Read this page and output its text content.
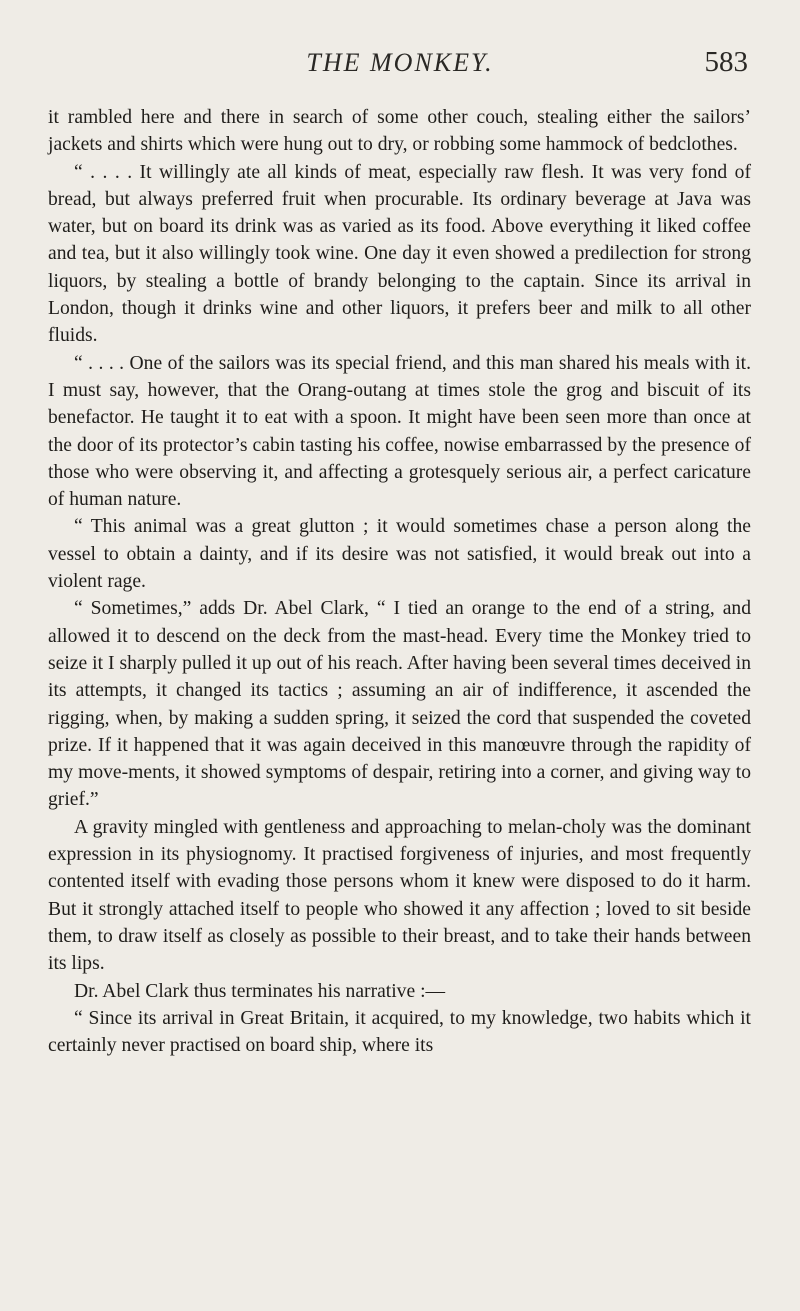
THE MONKEY.	583

it rambled here and there in search of some other couch, stealing either the sailors’ jackets and shirts which were hung out to dry, or robbing some hammock of bedclothes.

“ . . . . It willingly ate all kinds of meat, especially raw flesh. It was very fond of bread, but always preferred fruit when procurable. Its ordinary beverage at Java was water, but on board its drink was as varied as its food. Above everything it liked coffee and tea, but it also willingly took wine. One day it even showed a predilection for strong liquors, by stealing a bottle of brandy belonging to the captain. Since its arrival in London, though it drinks wine and other liquors, it prefers beer and milk to all other fluids.

“ . . . . One of the sailors was its special friend, and this man shared his meals with it. I must say, however, that the Orang-outang at times stole the grog and biscuit of its benefactor. He taught it to eat with a spoon. It might have been seen more than once at the door of its protector’s cabin tasting his coffee, nowise embarrassed by the presence of those who were observing it, and affecting a grotesquely serious air, a perfect caricature of human nature.

“ This animal was a great glutton ; it would sometimes chase a person along the vessel to obtain a dainty, and if its desire was not satisfied, it would break out into a violent rage.

“ Sometimes,” adds Dr. Abel Clark, “ I tied an orange to the end of a string, and allowed it to descend on the deck from the mast-head. Every time the Monkey tried to seize it I sharply pulled it up out of his reach. After having been several times deceived in its attempts, it changed its tactics ; assuming an air of indifference, it ascended the rigging, when, by making a sudden spring, it seized the cord that suspended the coveted prize. If it happened that it was again deceived in this manœuvre through the rapidity of my move-ments, it showed symptoms of despair, retiring into a corner, and giving way to grief.”

A gravity mingled with gentleness and approaching to melan-choly was the dominant expression in its physiognomy. It practised forgiveness of injuries, and most frequently contented itself with evading those persons whom it knew were disposed to do it harm. But it strongly attached itself to people who showed it any affection ; loved to sit beside them, to draw itself as closely as possible to their breast, and to take their hands between its lips.

Dr. Abel Clark thus terminates his narrative :—

“ Since its arrival in Great Britain, it acquired, to my knowledge, two habits which it certainly never practised on board ship, where its
